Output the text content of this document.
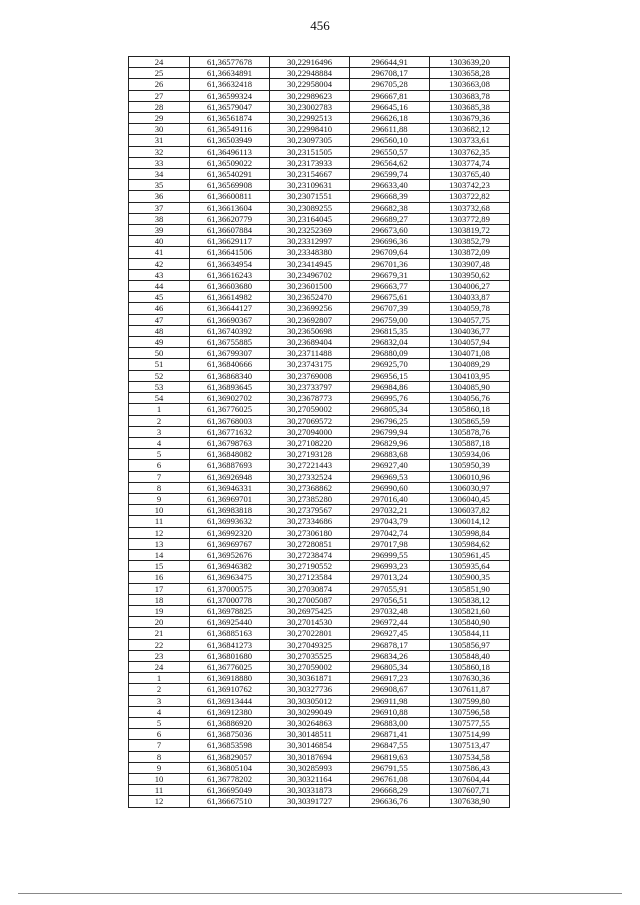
456
24	61,36577678	30,22916496	296644,91	1303639,20
25	61,36634891	30,22948884	296708,17	1303658,28
26	61,36632418	30,22958004	296705,28	1303663,08
27	61,36599324	30,22989623	296667,81	1303683,78
28	61,36579047	30,23002783	296645,16	1303685,38
29	61,36561874	30,22992513	296626,18	1303679,36
30	61,36549116	30,22998410	296611,88	1303682,12
31	61,36503949	30,23097305	296560,10	1303733,61
32	61,36496113	30,23151505	296550,57	1303762,35
33	61,36509022	30,23173933	296564,62	1303774,74
34	61,36540291	30,23154667	296599,74	1303765,40
35	61,36569908	30,23109631	296633,40	1303742,23
36	61,36600811	30,23071551	296668,39	1303722,82
37	61,36613604	30,23089255	296682,38	1303732,68
38	61,36620779	30,23164045	296689,27	1303772,89
39	61,36607884	30,23252369	296673,60	1303819,72
40	61,36629117	30,23312997	296696,36	1303852,79
41	61,36641506	30,23348380	296709,64	1303872,09
42	61,36634954	30,23414945	296701,36	1303907,48
43	61,36616243	30,23496702	296679,31	1303950,62
44	61,36603680	30,23601500	296663,77	1304006,27
45	61,36614982	30,23652470	296675,61	1304033,87
46	61,36644127	30,23699256	296707,39	1304059,78
47	61,36690367	30,23692807	296759,00	1304057,75
48	61,36740392	30,23650698	296815,35	1304036,77
49	61,36755885	30,23689404	296832,04	1304057,94
50	61,36799307	30,23711488	296880,09	1304071,08
51	61,36840666	30,23743175	296925,70	1304089,29
52	61,36868340	30,23769008	296956,15	1304103,95
53	61,36893645	30,23733797	296984,86	1304085,90
54	61,36902702	30,23678773	296995,76	1304056,76
1	61,36776025	30,27059002	296805,34	1305860,18
2	61,36768003	30,27069572	296796,25	1305865,59
3	61,36771632	30,27094000	296799,94	1305878,76
4	61,36798763	30,27108220	296829,96	1305887,18
5	61,36848082	30,27193128	296883,68	1305934,06
6	61,36887693	30,27221443	296927,40	1305950,39
7	61,36926948	30,27332524	296969,53	1306010,96
8	61,36946331	30,27368862	296990,60	1306030,97
9	61,36969701	30,27385280	297016,40	1306040,45
10	61,36983818	30,27379567	297032,21	1306037,82
11	61,36993632	30,27334686	297043,79	1306014,12
12	61,36992320	30,27306180	297042,74	1305998,84
13	61,36969767	30,27280851	297017,98	1305984,62
14	61,36952676	30,27238474	296999,55	1305961,45
15	61,36946382	30,27190552	296993,23	1305935,64
16	61,36963475	30,27123584	297013,24	1305900,35
17	61,37000575	30,27030874	297055,91	1305851,90
18	61,37000778	30,27005087	297056,51	1305838,12
19	61,36978825	30,26975425	297032,48	1305821,60
20	61,36925440	30,27014530	296972,44	1305840,90
21	61,36885163	30,27022801	296927,45	1305844,11
22	61,36841273	30,27049325	296878,17	1305856,97
23	61,36801680	30,27035525	296834,26	1305848,40
24	61,36776025	30,27059002	296805,34	1305860,18
1	61,36918880	30,30361871	296917,23	1307630,36
2	61,36910762	30,30327736	296908,67	1307611,87
3	61,36913444	30,30305012	296911,98	1307599,80
4	61,36912380	30,30299049	296910,88	1307596,58
5	61,36886920	30,30264863	296883,00	1307577,55
6	61,36875036	30,30148511	296871,41	1307514,99
7	61,36853598	30,30146854	296847,55	1307513,47
8	61,36829057	30,30187694	296819,63	1307534,58
9	61,36805104	30,30285993	296791,55	1307586,43
10	61,36778202	30,30321164	296761,08	1307604,44
11	61,36695049	30,30331873	296668,29	1307607,71
12	61,36667510	30,30391727	296636,76	1307638,90
